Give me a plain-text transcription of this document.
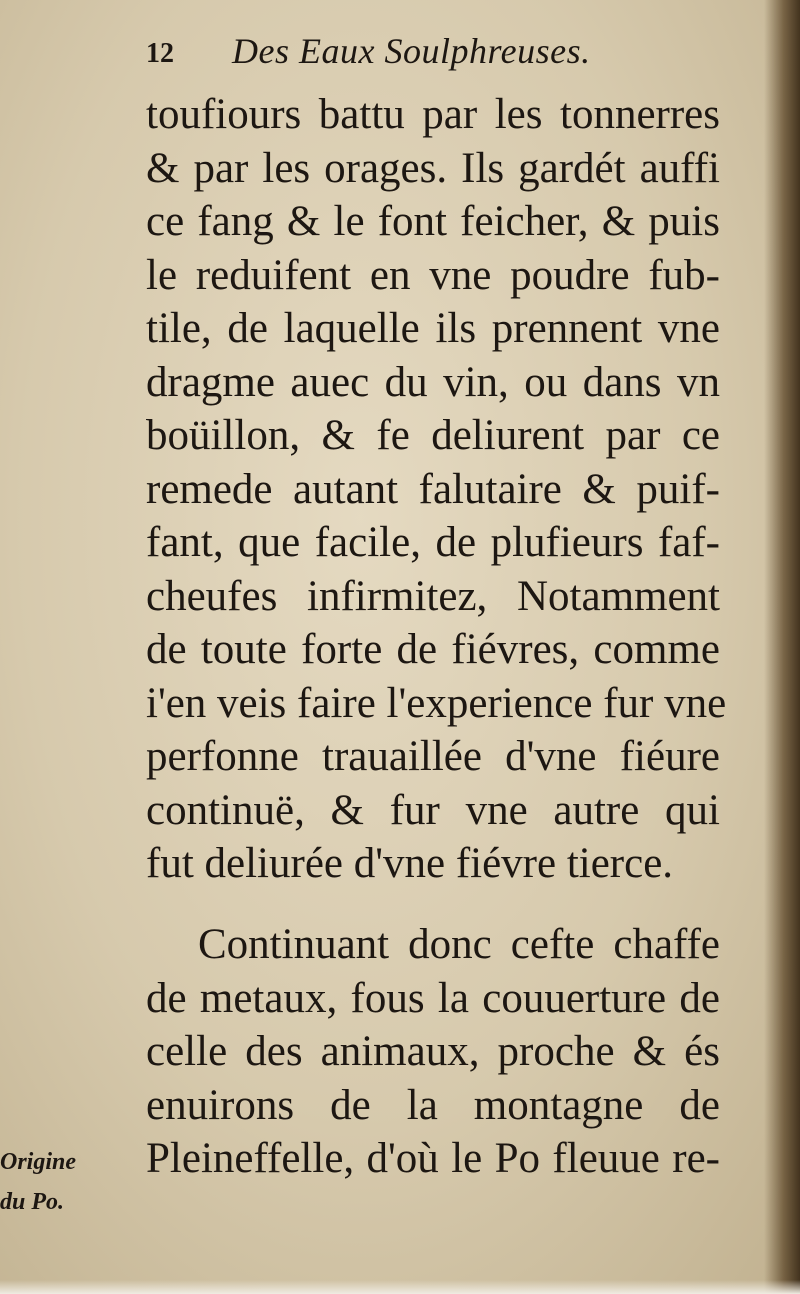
12 Des Eaux Soulphreuses.
toufiours battu par les tonnerres
& par les orages. Ils gardét auffi
ce fang & le font feicher, & puis
le reduifent en vne poudre fub-
tile, de laquelle ils prennent vne
dragme auec du vin, ou dans vn
boüillon, & fe deliurent par ce
remede autant falutaire & puif-
fant, que facile, de plufieurs faf-
cheufes infirmitez, Notamment
de toute forte de fiévres, comme
i'en veis faire l'experience fur vne
perfonne trauaillée d'vne fiéure
continuë, & fur vne autre qui
fut deliurée d'vne fiévre tierce.
Continuant donc cefte chaffe
de metaux, fous la couuerture de
celle des animaux, proche & és
enuirons de la montagne de
Pleineffelle, d'où le Po fleuue re-
Origine
du Po.
